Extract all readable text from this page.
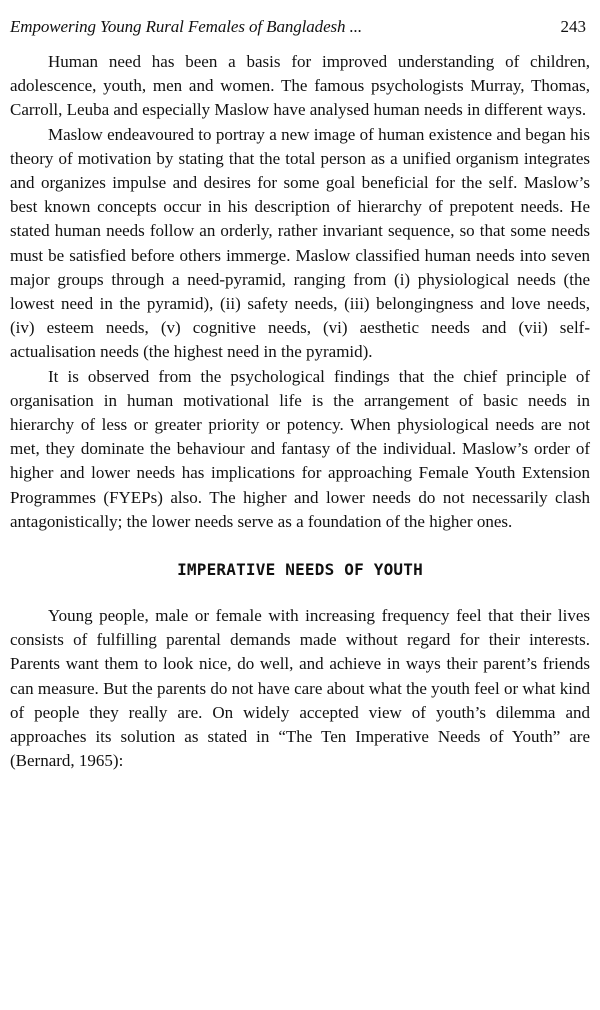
Empowering Young Rural Females of Bangladesh ...	243

Human need has been a basis for improved understanding of children, adolescence, youth, men and women. The famous psychologists Murray, Thomas, Carroll, Leuba and especially Maslow have analysed human needs in different ways.

Maslow endeavoured to portray a new image of human existence and began his theory of motivation by stating that the total person as a unified organism integrates and organizes impulse and desires for some goal beneficial for the self. Maslow’s best known concepts occur in his description of hierarchy of prepotent needs. He stated human needs follow an orderly, rather invariant sequence, so that some needs must be satisfied before others immerge. Maslow classified human needs into seven major groups through a need-pyramid, ranging from (i) physiological needs (the lowest need in the pyramid), (ii) safety needs, (iii) belongingness and love needs, (iv) esteem needs, (v) cognitive needs, (vi) aesthetic needs and (vii) self-actualisation needs (the highest need in the pyramid).

It is observed from the psychological findings that the chief principle of organisation in human motivational life is the arrangement of basic needs in hierarchy of less or greater priority or potency. When physiological needs are not met, they dominate the behaviour and fantasy of the individual. Maslow’s order of higher and lower needs has implications for approaching Female Youth Extension Programmes (FYEPs) also. The higher and lower needs do not necessarily clash antagonistically; the lower needs serve as a foundation of the higher ones.

IMPERATIVE NEEDS OF YOUTH

Young people, male or female with increasing frequency feel that their lives consists of fulfilling parental demands made without regard for their interests. Parents want them to look nice, do well, and achieve in ways their parent’s friends can measure. But the parents do not have care about what the youth feel or what kind of people they really are. On widely accepted view of youth’s dilemma and approaches its solution as stated in “The Ten Imperative Needs of Youth” are (Bernard, 1965):
